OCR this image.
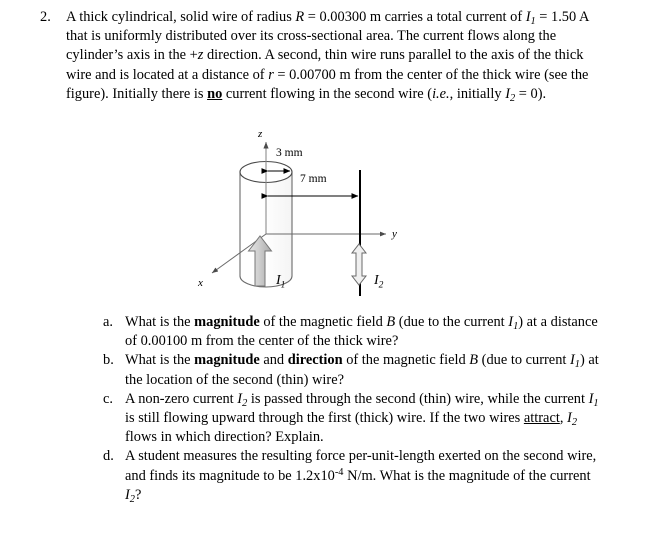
2.	A thick cylindrical, solid wire of radius R = 0.00300 m carries a total current of $I_1 = 1.50$ A that is uniformly distributed over its cross-sectional area. The current flows along the cylinder’s axis in the +z direction. A second, thin wire runs parallel to the axis of the thick wire and is located at a distance of r = 0.00700 m from the center of the thick wire (see the figure). Initially there is no current flowing in the second wire (i.e., initially $I_2 = 0$).

z
y
x
3 mm
7 mm
$I_1$	$I_2$
a. What is the magnitude of the magnetic field B (due to the current $I_1$) at a distance of 0.00100 m from the center of the thick wire?

b. What is the magnitude and direction of the magnetic field B (due to current $I_1$) at the location of the second (thin) wire?

c. A non-zero current $I_2$ is passed through the second (thin) wire, while the current $I_1$ is still flowing upward through the first (thick) wire. If the two wires attract, $I_2$ flows in which direction? Explain.

d. A student measures the resulting force per-unit-length exerted on the second wire, and finds its magnitude to be $1.2x10^{-4}$ N/m. What is the magnitude of the current $I_2$?
